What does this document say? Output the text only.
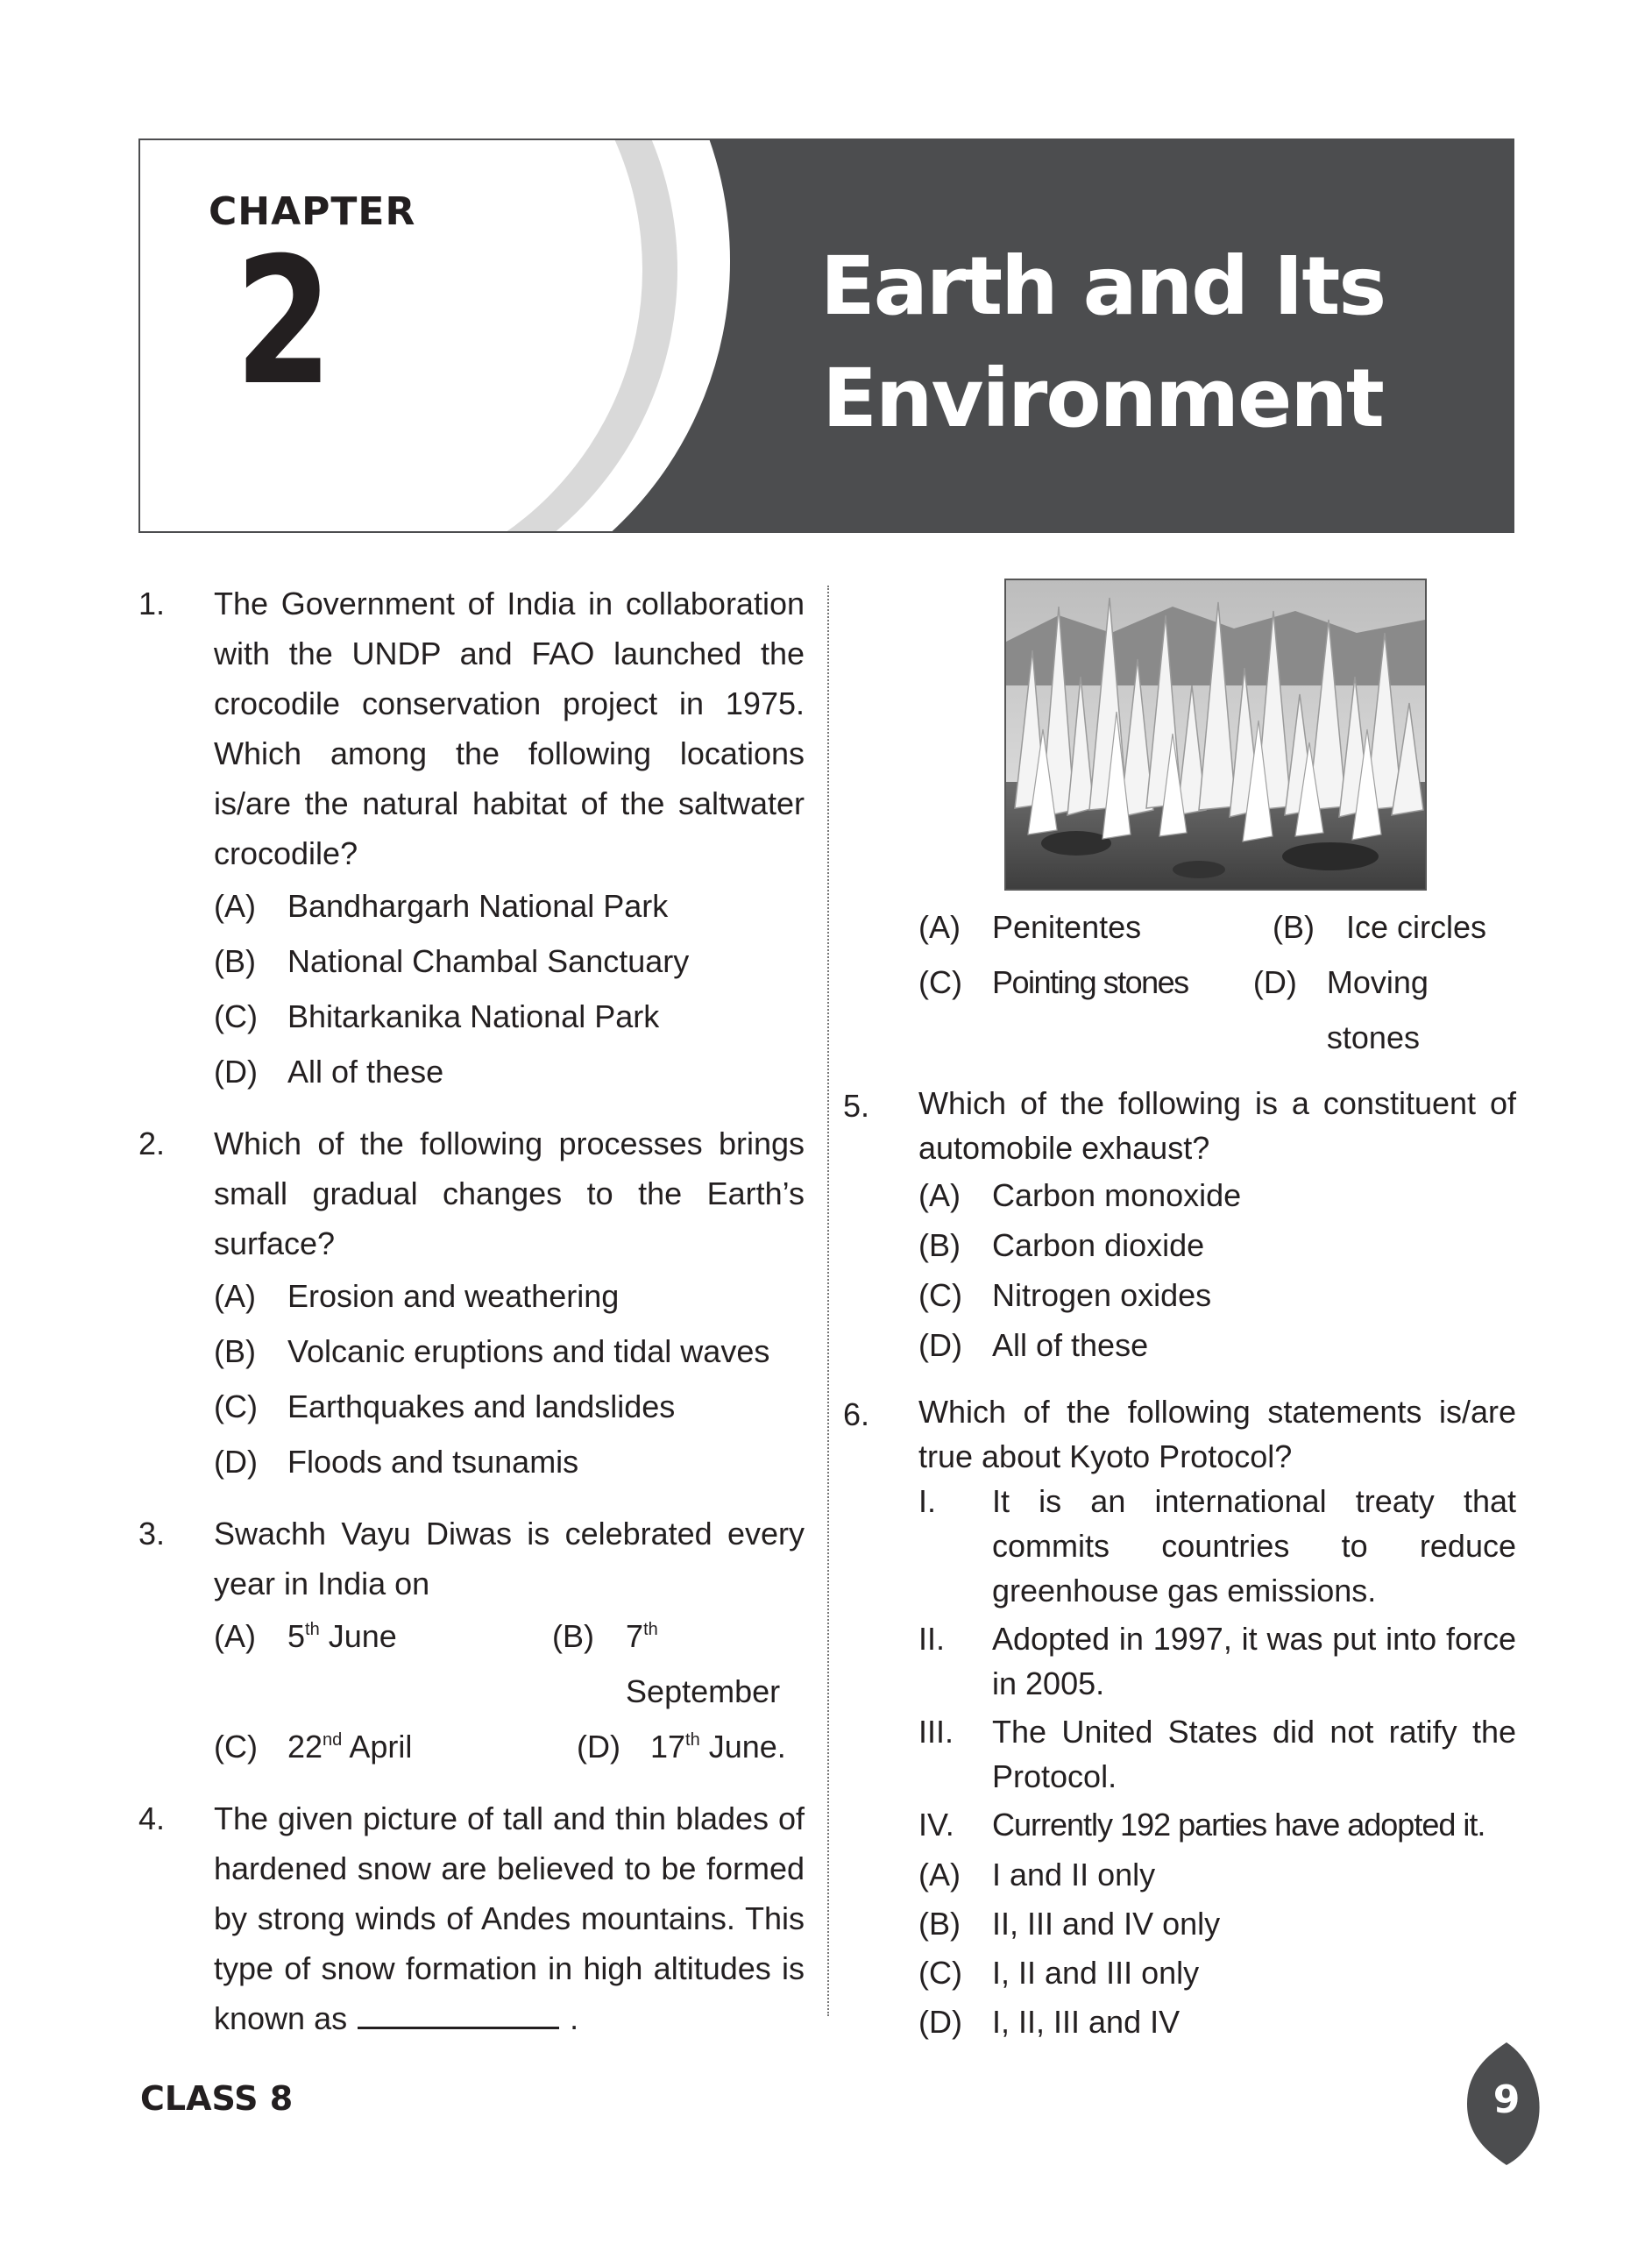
CHAPTER
2	Earth and Its
Environment
1. The Government of India in collaboration with the UNDP and FAO launched the crocodile conservation project in 1975. Which among the following locations is/are the natural habitat of the saltwater crocodile?
(A) Bandhargarh National Park
(B) National Chambal Sanctuary
(C) Bhitarkanika National Park
(D) All of these
2. Which of the following processes brings small gradual changes to the Earth’s surface?
(A) Erosion and weathering
(B) Volcanic eruptions and tidal waves
(C) Earthquakes and landslides
(D) Floods and tsunamis
3. Swachh Vayu Diwas is celebrated every year in India on
(A) 5th June	(B) 7th September
(C) 22nd April	(D) 17th June.
4. The given picture of tall and thin blades of hardened snow are believed to be formed by strong winds of Andes mountains. This type of snow formation in high altitudes is known as	.
(A) Penitentes	(B) Ice circles
(C) Pointing stones	(D) Moving stones
5. Which of the following is a constituent of automobile exhaust?
(A) Carbon monoxide
(B) Carbon dioxide
(C) Nitrogen oxides
(D) All of these
6. Which of the following statements is/are true about Kyoto Protocol?
I. It is an international treaty that commits countries to reduce greenhouse gas emissions.
II. Adopted in 1997, it was put into force in 2005.
III. The United States did not ratify the Protocol.
IV. Currently 192 parties have adopted it.
(A) I and II only
(B) II, III and IV only
(C) I, II and III only
(D) I, II, III and IV
CLASS 8	9
